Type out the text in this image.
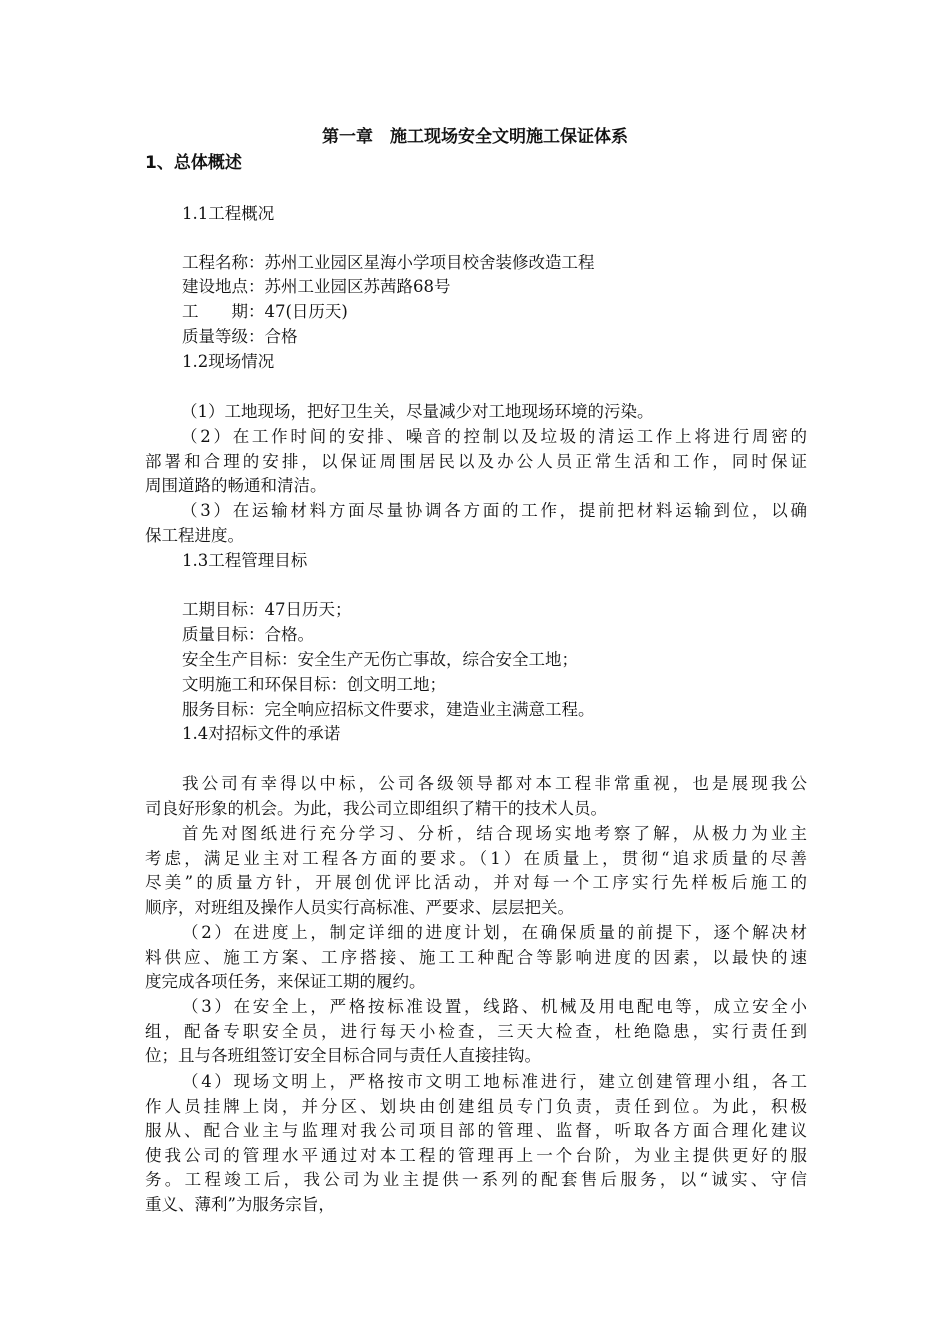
第一章　施工现场安全文明施工保证体系
1、总体概述
1.1工程概况
工程名称：苏州工业园区星海小学项目校舍装修改造工程
建设地点：苏州工业园区苏茜路68号
工　　期：47(日历天)
质量等级：合格
1.2现场情况
（1）工地现场，把好卫生关，尽量减少对工地现场环境的污染。
（2）在工作时间的安排、噪音的控制以及垃圾的清运工作上将进行周密的
部署和合理的安排，以保证周围居民以及办公人员正常生活和工作，同时保证
周围道路的畅通和清洁。
（3）在运输材料方面尽量协调各方面的工作，提前把材料运输到位，以确
保工程进度。
1.3工程管理目标
工期目标：47日历天；
质量目标：合格。
安全生产目标：安全生产无伤亡事故，综合安全工地；
文明施工和环保目标：创文明工地；
服务目标：完全响应招标文件要求，建造业主满意工程。
1.4对招标文件的承诺
我公司有幸得以中标，公司各级领导都对本工程非常重视，也是展现我公
司良好形象的机会。为此，我公司立即组织了精干的技术人员。
首先对图纸进行充分学习、分析，结合现场实地考察了解，从极力为业主
考虑，满足业主对工程各方面的要求。（1）在质量上，贯彻“追求质量的尽善
尽美”的质量方针，开展创优评比活动，并对每一个工序实行先样板后施工的
顺序，对班组及操作人员实行高标准、严要求、层层把关。
（2）在进度上，制定详细的进度计划，在确保质量的前提下，逐个解决材
料供应、施工方案、工序搭接、施工工种配合等影响进度的因素，以最快的速
度完成各项任务，来保证工期的履约。
（3）在安全上，严格按标准设置，线路、机械及用电配电等，成立安全小
组，配备专职安全员，进行每天小检查，三天大检查，杜绝隐患，实行责任到
位；且与各班组签订安全目标合同与责任人直接挂钩。
（4）现场文明上，严格按市文明工地标准进行，建立创建管理小组，各工
作人员挂牌上岗，并分区、划块由创建组员专门负责，责任到位。为此，积极
服从、配合业主与监理对我公司项目部的管理、监督，听取各方面合理化建议
使我公司的管理水平通过对本工程的管理再上一个台阶，为业主提供更好的服
务。工程竣工后，我公司为业主提供一系列的配套售后服务，以“诚实、守信
重义、薄利”为服务宗旨，
